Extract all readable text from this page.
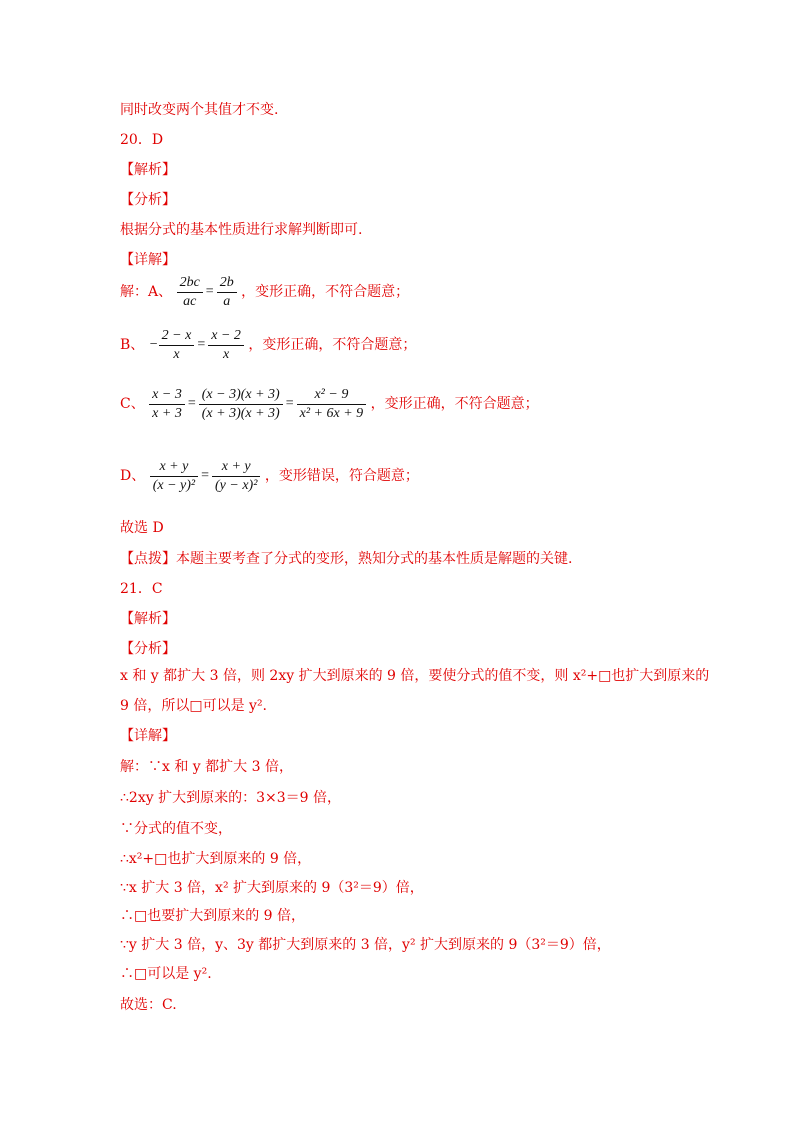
同时改变两个其值才不变.
20．D
【解析】
【分析】
根据分式的基本性质进行求解判断即可.
【详解】
解：A、 $\frac{2bc}{ac} = \frac{2b}{a}$ ，变形正确，不符合题意；
B、 − $\frac{2 - x}{x} = \frac{x - 2}{x}$ ，变形正确，不符合题意；
C、 $\frac{x - 3}{x + 3} = \frac{(x - 3)(x + 3)}{(x + 3)(x + 3)} = \frac{\text{x² − 9}}{\text{x² + 6x + 9}}$ ，变形正确，不符合题意；
D、 $\frac{x + y}{\text{(x − y)²}} = \frac{x + y}{\text{(y − x)²}}$ ，变形错误，符合题意；
故选 D
【点拨】本题主要考查了分式的变形，熟知分式的基本性质是解题的关键.
21．C
【解析】
【分析】
x 和 y 都扩大 3 倍，则 2xy 扩大到原来的 9 倍，要使分式的值不变，则 x²+□也扩大到原来的
9 倍，所以□可以是 y².
【详解】
解：∵x 和 y 都扩大 3 倍，
∴2xy 扩大到原来的：3×3＝9 倍，
∵分式的值不变，
∴x²+□也扩大到原来的 9 倍，
∵x 扩大 3 倍，x² 扩大到原来的 9（3²＝9）倍，
∴□也要扩大到原来的 9 倍，
∵y 扩大 3 倍，y、3y 都扩大到原来的 3 倍，y² 扩大到原来的 9（3²＝9）倍，
∴□可以是 y².
故选：C.
